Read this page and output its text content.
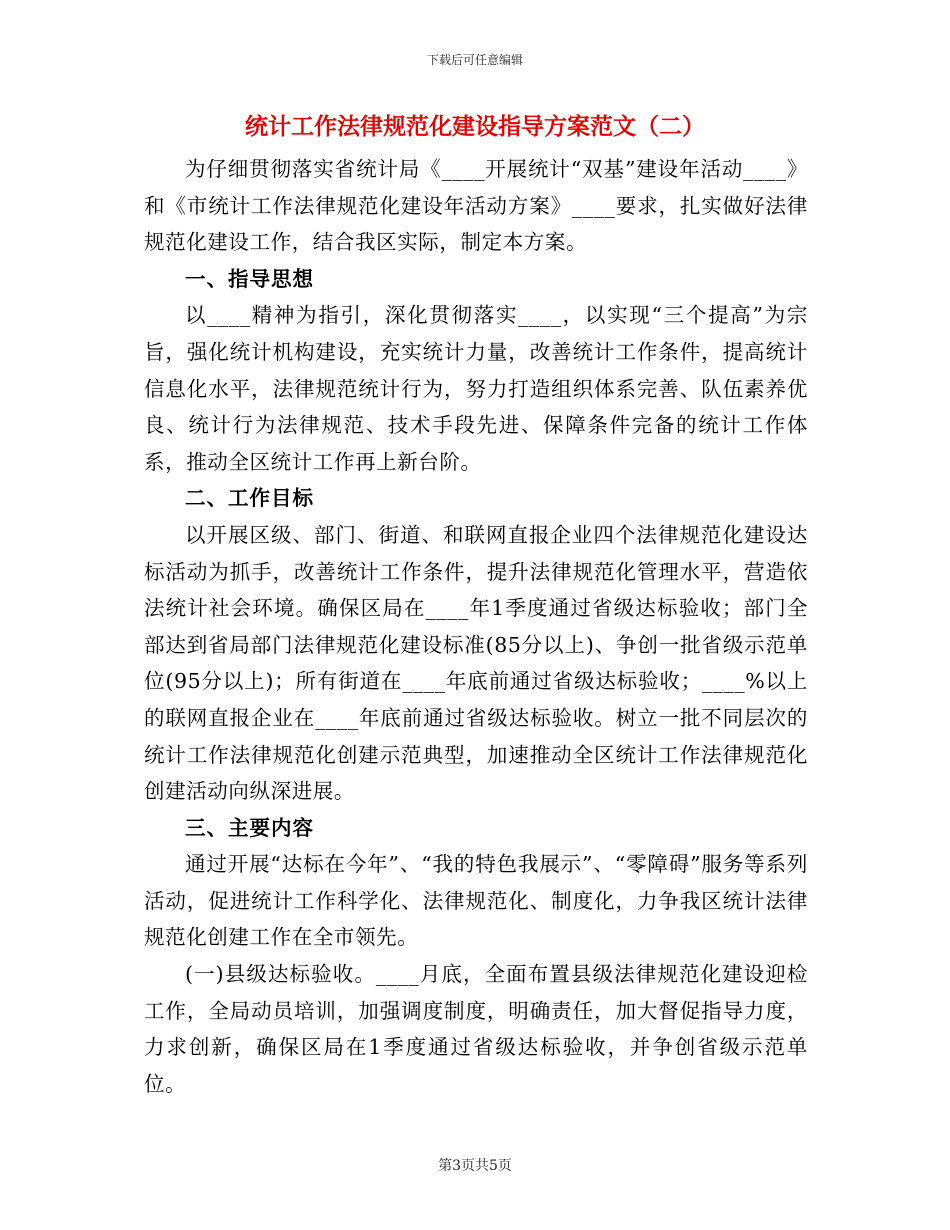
下载后可任意编辑
统计工作法律规范化建设指导方案范文（二）

为仔细贯彻落实省统计局《____开展统计“双基”建设年活动____》和《市统计工作法律规范化建设年活动方案》____要求，扎实做好法律规范化建设工作，结合我区实际，制定本方案。

一、指导思想

以____精神为指引，深化贯彻落实____，以实现“三个提高”为宗旨，强化统计机构建设，充实统计力量，改善统计工作条件，提高统计信息化水平，法律规范统计行为，努力打造组织体系完善、队伍素养优良、统计行为法律规范、技术手段先进、保障条件完备的统计工作体系，推动全区统计工作再上新台阶。

二、工作目标

以开展区级、部门、街道、和联网直报企业四个法律规范化建设达标活动为抓手，改善统计工作条件，提升法律规范化管理水平，营造依法统计社会环境。确保区局在____年1季度通过省级达标验收；部门全部达到省局部门法律规范化建设标准(85分以上)、争创一批省级示范单位(95分以上)；所有街道在____年底前通过省级达标验收；____%以上的联网直报企业在____年底前通过省级达标验收。树立一批不同层次的统计工作法律规范化创建示范典型，加速推动全区统计工作法律规范化创建活动向纵深进展。

三、主要内容

通过开展“达标在今年”、“我的特色我展示”、“零障碍”服务等系列活动，促进统计工作科学化、法律规范化、制度化，力争我区统计法律规范化创建工作在全市领先。

(一)县级达标验收。____月底，全面布置县级法律规范化建设迎检工作，全局动员培训，加强调度制度，明确责任，加大督促指导力度，力求创新，确保区局在1季度通过省级达标验收，并争创省级示范单位。

第3页共5页
